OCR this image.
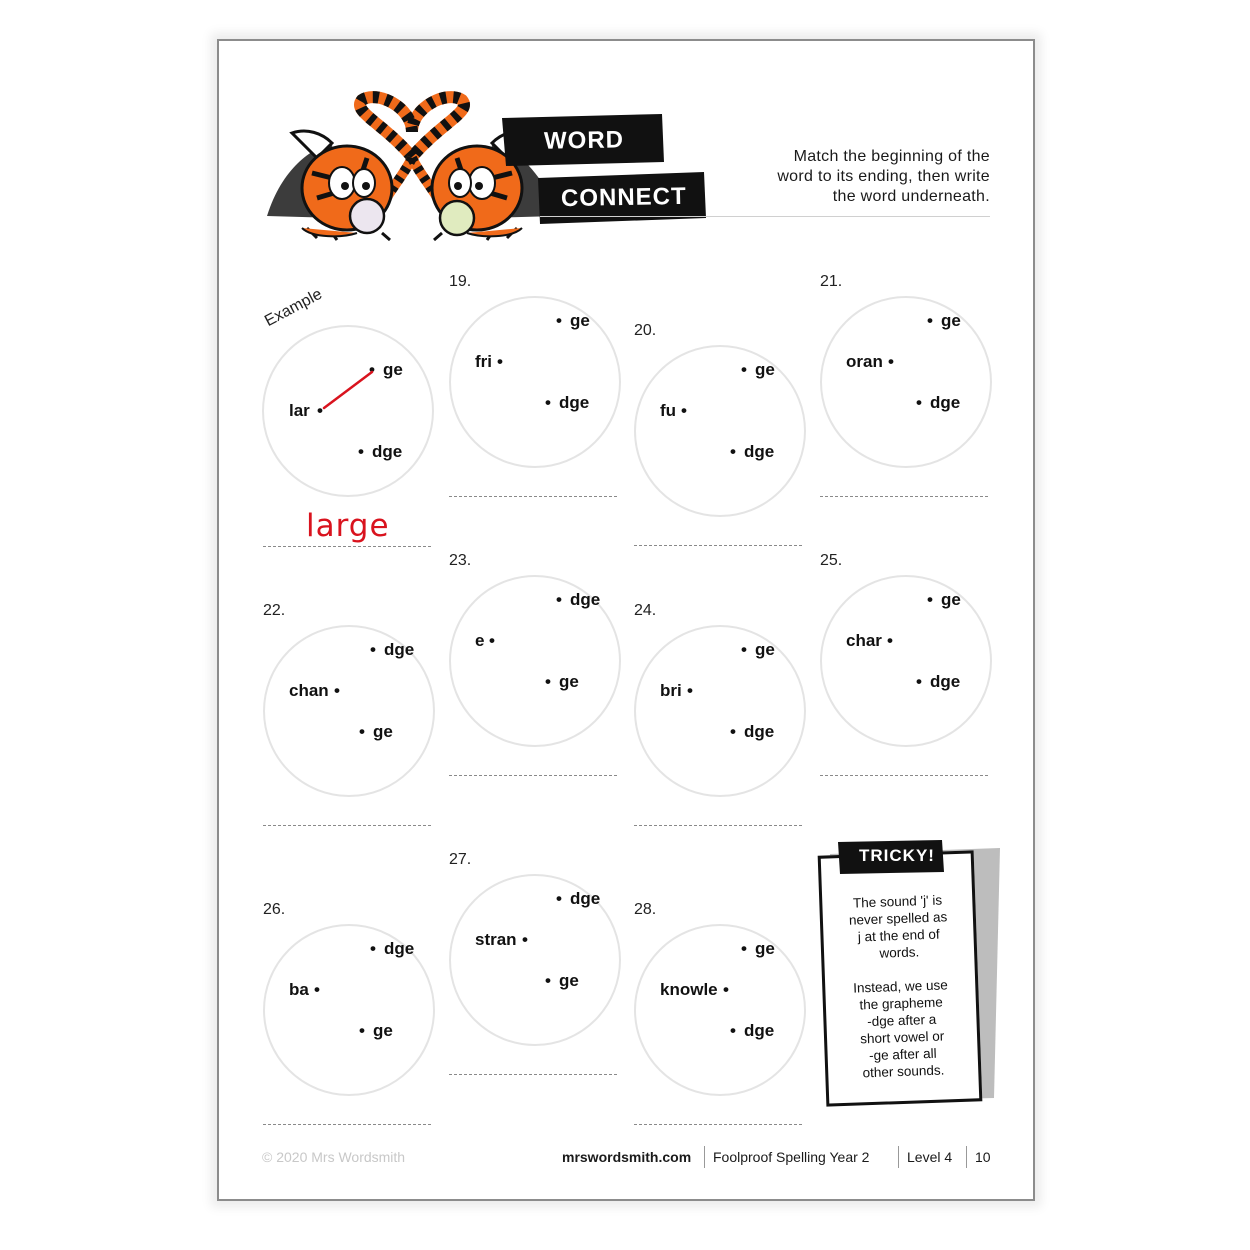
WORD
CONNECT
Match the beginning of the
word to its ending, then write
the word underneath.
Example
ge
•
lar •
dge
•
large
19.
• ge
fri
• dge
20.
• ge
fu
• dge
21.
• ge
oran
• dge
22.
• dge
chan
• ge
23.
• dge
e
• ge
24.
• ge
bri
• dge
25.
• ge
char
• dge
26.
• dge
ba
• ge
27.
• dge
stran
• ge
28.
• ge
knowle
• dge
•
•
•
•
•
•
•
•
•
•
TRICKY!
The sound 'j' is
never spelled as
j at the end of
words.
Instead, we use
the grapheme
-dge after a
short vowel or
-ge after all
other sounds.
© 2020 Mrs Wordsmith	mrswordsmith.com Foolproof Spelling Year 2	Level 4 10
